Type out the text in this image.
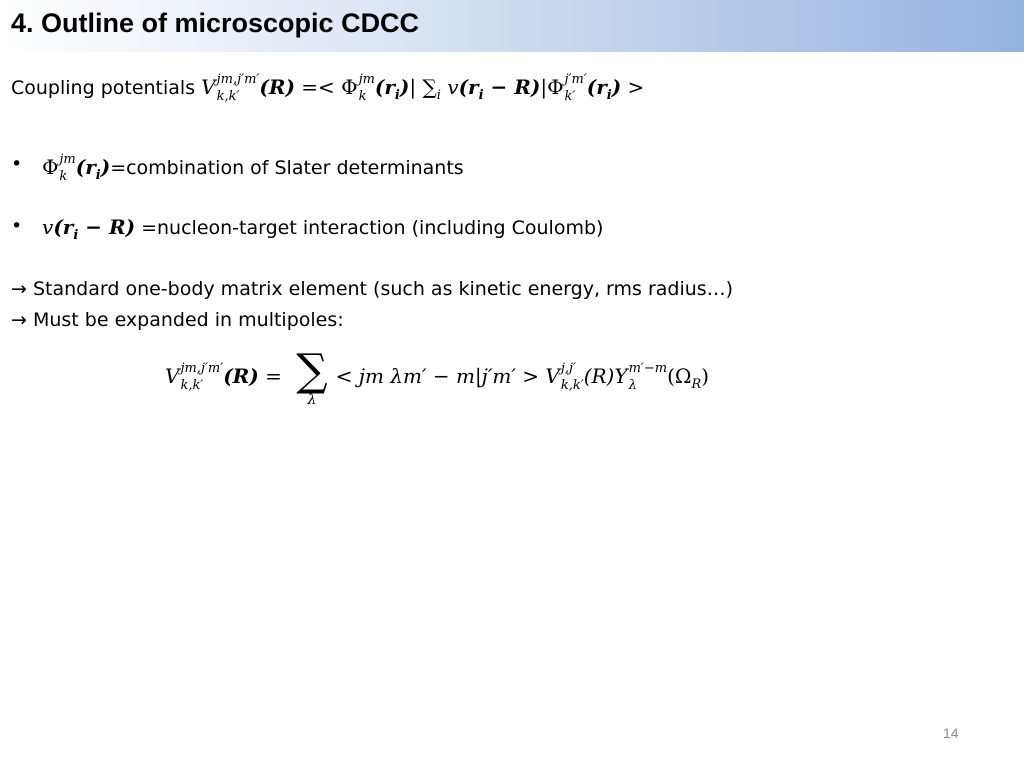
4. Outline of microscopic CDCC
Coupling potentials V jm,j′m′
k,k′ (R) =< Φ jm
k $(r_i)|$ $\sum_i$ $v(r_i - R)|\Phi$ j′m′
k′ $(r_i)$ >
• Φ jm
k $(r_i)=combination$ of Slater determinants
• $v(r_i - R)$ =nucleon-target interaction (including Coulomb)
→ Standard one-body matrix element (such as kinetic energy, rms radius…)
→ Must be expanded in multipoles:
V jm,j′m′
k,k′ (R) = ∑
λ
< jm λm′ − m|j′m′ > V j,j′
k,k′ (R)Y m′−m
λ	$(\Omega_R)$
14
